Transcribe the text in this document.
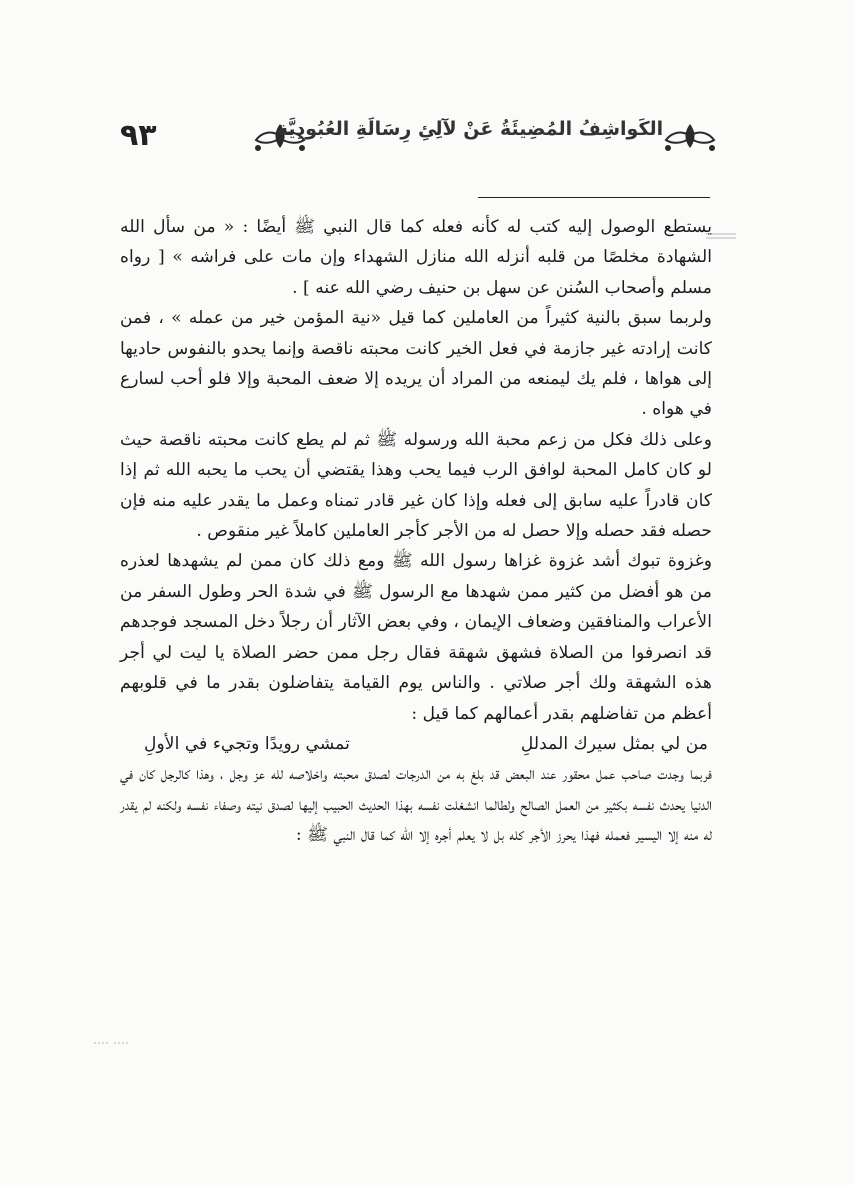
٩٣	الكَواشِفُ المُضِيئَةُ عَنْ لآلِئِ رِسَالَةِ العُبُودِيَّةِ

يستطع الوصول إليه كتب له كأنه فعله كما قال النبي ﷺ أيضًا : « من سأل الله الشهادة مخلصًا من قلبه أنزله الله منازل الشهداء وإن مات على فراشه » [ رواه مسلم وأصحاب السُنن عن سهل بن حنيف رضي الله عنه ] .

ولربما سبق بالنية كثيراً من العاملين كما قيل «نية المؤمن خير من عمله » ، فمن كانت إرادته غير جازمة في فعل الخير كانت محبته ناقصة وإنما يحدو بالنفوس حاديها إلى هواها ، فلم يك ليمنعه من المراد أن يريده إلا ضعف المحبة وإلا فلو أحب لسارع في هواه .

وعلى ذلك فكل من زعم محبة الله ورسوله ﷺ ثم لم يطع كانت محبته ناقصة حيث لو كان كامل المحبة لوافق الرب فيما يحب وهذا يقتضي أن يحب ما يحبه الله ثم إذا كان قادراً عليه سابق إلى فعله وإذا كان غير قادر تمناه وعمل ما يقدر عليه منه فإن حصله فقد حصله وإلا حصل له من الأجر كأجر العاملين كاملاً غير منقوص .

وغزوة تبوك أشد غزوة غزاها رسول الله ﷺ ومع ذلك كان ممن لم يشهدها لعذره من هو أفضل من كثير ممن شهدها مع الرسول ﷺ في شدة الحر وطول السفر من الأعراب والمنافقين وضعاف الإيمان ، وفي بعض الآثار أن رجلاً دخل المسجد فوجدهم قد انصرفوا من الصلاة فشهق شهقة فقال رجل ممن حضر الصلاة يا ليت لي أجر هذه الشهقة ولك أجر صلاتي . والناس يوم القيامة يتفاضلون بقدر ما في قلوبهم أعظم من تفاضلهم بقدر أعمالهم كما قيل :

من لي بمثل سيرك المدللِ
تمشي رويدًا وتجيء في الأولِ

فربما وجدت صاحب عمل محقور عند البعض قد بلغ به من الدرجات لصدق محبته واخلاصه لله عز وجل ، وهذا كالرجل كان في الدنيا يحدث نفسه بكثير من العمل الصالح ولطالما انشغلت نفسه بهذا الحديث الحبيب إليها لصدق نيته وصفاء نفسه ولكنه لم يقدر له منه إلا اليسير فعمله فهذا يحرز الأجر كله بل لا يعلم أجره إلا الله كما قال النبي ﷺ :
